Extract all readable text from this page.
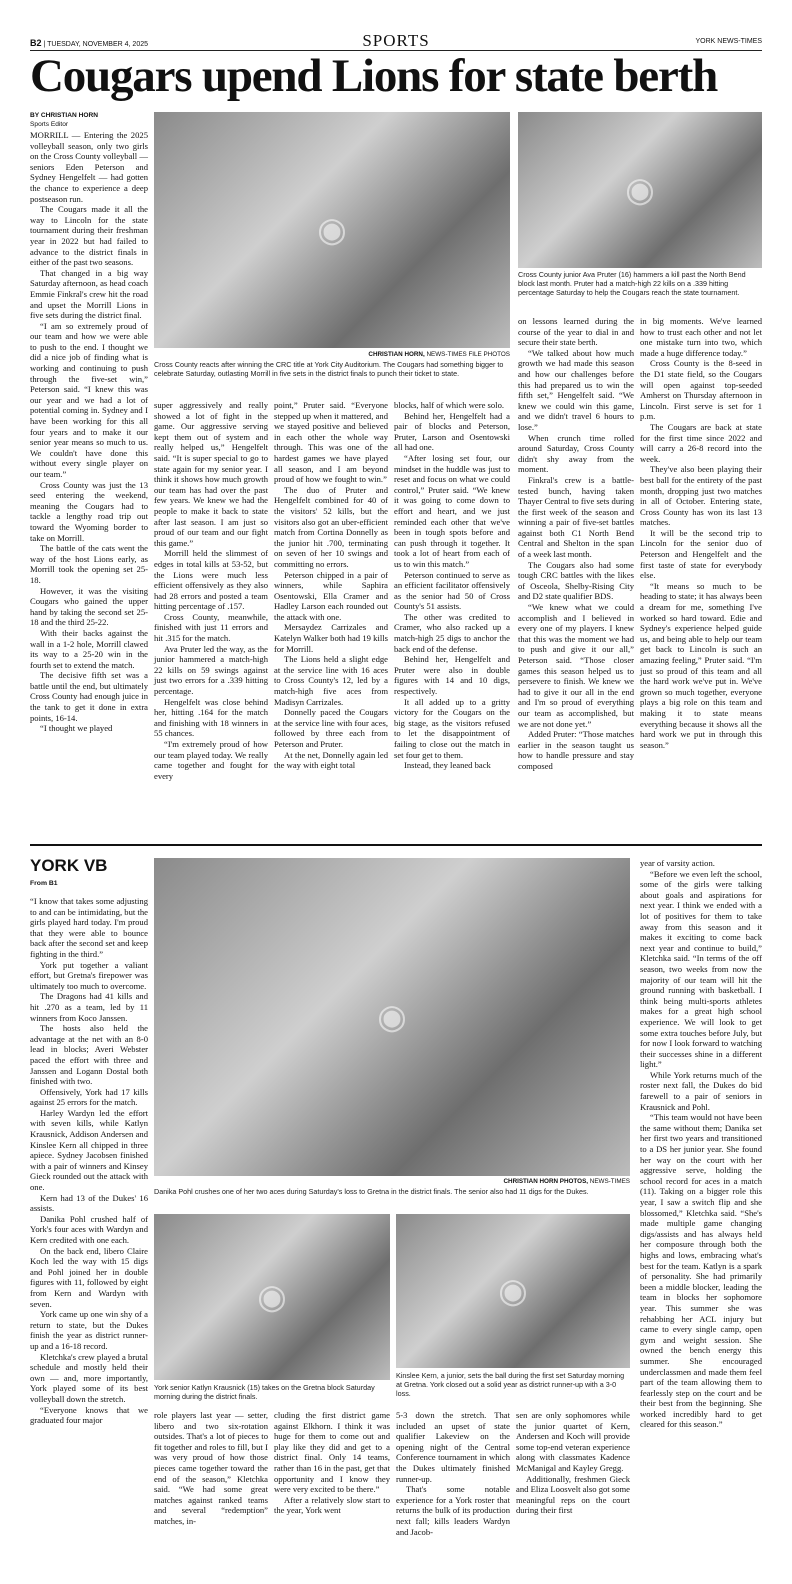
B2 | TUESDAY, NOVEMBER 4, 2025	SPORTS	YORK NEWS-TIMES
Cougars upend Lions for state berth
BY CHRISTIAN HORN
Sports Editor

MORRILL — Entering the 2025 volleyball season, only two girls on the Cross County volleyball — seniors Eden Peterson and Sydney Hengelfelt — had gotten the chance to experience a deep postseason run.

The Cougars made it all the way to Lincoln for the state tournament during their freshman year in 2022 but had failed to advance to the district finals in either of the past two seasons.

That changed in a big way Saturday afternoon, as head coach Emmie Finkral's crew hit the road and upset the Morrill Lions in five sets during the district final.

“I am so extremely proud of our team and how we were able to push to the end. I thought we did a nice job of finding what is working and continuing to push through the five-set win,” Peterson said. “I knew this was our year and we had a lot of potential coming in. Sydney and I have been working for this all four years and to make it our senior year means so much to us. We couldn't have done this without every single player on our team.”

Cross County was just the 13 seed entering the weekend, meaning the Cougars had to tackle a lengthy road trip out toward the Wyoming border to take on Morrill.

The battle of the cats went the way of the host Lions early, as Morrill took the opening set 25-18.

However, it was the visiting Cougars who gained the upper hand by taking the second set 25-18 and the third 25-22.

With their backs against the wall in a 1-2 hole, Morrill clawed its way to a 25-20 win in the fourth set to extend the match.

The decisive fifth set was a battle until the end, but ultimately Cross County had enough juice in the tank to get it done in extra points, 16-14.

“I thought we played

◉
CHRISTIAN HORN, NEWS-TIMES FILE PHOTOS
Cross County reacts after winning the CRC title at York City Auditorium. The Cougars had something bigger to celebrate Saturday, outlasting Morrill in five sets in the district finals to punch their ticket to state.
◉
Cross County junior Ava Pruter (16) hammers a kill past the North Bend block last month. Pruter had a match-high 22 kills on a .339 hitting percentage Saturday to help the Cougars reach the state tournament.

super aggressively and really showed a lot of fight in the game. Our aggressive serving kept them out of system and really helped us,” Hengelfelt said. “It is super special to go to state again for my senior year. I think it shows how much growth our team has had over the past few years. We knew we had the people to make it back to state after last season. I am just so proud of our team and our fight this game.”

Morrill held the slimmest of edges in total kills at 53-52, but the Lions were much less efficient offensively as they also had 28 errors and posted a team hitting percentage of .157.

Cross County, meanwhile, finished with just 11 errors and hit .315 for the match.

Ava Pruter led the way, as the junior hammered a match-high 22 kills on 59 swings against just two errors for a .339 hitting percentage.

Hengelfelt was close behind her, hitting .164 for the match and finishing with 18 winners in 55 chances.

“I'm extremely proud of how our team played today. We really came together and fought for every

point,” Pruter said. “Everyone stepped up when it mattered, and we stayed positive and believed in each other the whole way through. This was one of the hardest games we have played all season, and I am beyond proud of how we fought to win.”

The duo of Pruter and Hengelfelt combined for 40 of the visitors' 52 kills, but the visitors also got an uber-efficient match from Cortina Donnelly as the junior hit .700, terminating on seven of her 10 swings and committing no errors.

Peterson chipped in a pair of winners, while Saphira Osentowski, Ella Cramer and Hadley Larson each rounded out the attack with one.

Mersaydez Carrizales and Katelyn Walker both had 19 kills for Morrill.

The Lions held a slight edge at the service line with 16 aces to Cross County's 12, led by a match-high five aces from Madisyn Carrizales.

Donnelly paced the Cougars at the service line with four aces, followed by three each from Peterson and Pruter.

At the net, Donnelly again led the way with eight total

blocks, half of which were solo.

Behind her, Hengelfelt had a pair of blocks and Peterson, Pruter, Larson and Osentowski all had one.

“After losing set four, our mindset in the huddle was just to reset and focus on what we could control,” Pruter said. “We knew it was going to come down to effort and heart, and we just reminded each other that we've been in tough spots before and can push through it together. It took a lot of heart from each of us to win this match.”

Peterson continued to serve as an efficient facilitator offensively as the senior had 50 of Cross County's 51 assists.

The other was credited to Cramer, who also racked up a match-high 25 digs to anchor the back end of the defense.

Behind her, Hengelfelt and Pruter were also in double figures with 14 and 10 digs, respectively.

It all added up to a gritty victory for the Cougars on the big stage, as the visitors refused to let the disappointment of failing to close out the match in set four get to them.

Instead, they leaned back

on lessons learned during the course of the year to dial in and secure their state berth.

“We talked about how much growth we had made this season and how our challenges before this had prepared us to win the fifth set,” Hengelfelt said. “We knew we could win this game, and we didn't travel 6 hours to lose.”

When crunch time rolled around Saturday, Cross County didn't shy away from the moment.

Finkral's crew is a battle-tested bunch, having taken Thayer Central to five sets during the first week of the season and winning a pair of five-set battles against both C1 North Bend Central and Shelton in the span of a week last month.

The Cougars also had some tough CRC battles with the likes of Osceola, Shelby-Rising City and D2 state qualifier BDS.

“We knew what we could accomplish and I believed in every one of my players. I knew that this was the moment we had to push and give it our all,” Peterson said. “Those closer games this season helped us to persevere to finish. We knew we had to give it our all in the end and I'm so proud of everything our team as accomplished, but we are not done yet.”

Added Pruter: “Those matches earlier in the season taught us how to handle pressure and stay composed

in big moments. We've learned how to trust each other and not let one mistake turn into two, which made a huge difference today.”

Cross County is the 8-seed in the D1 state field, so the Cougars will open against top-seeded Amherst on Thursday afternoon in Lincoln. First serve is set for 1 p.m.

The Cougars are back at state for the first time since 2022 and will carry a 26-8 record into the week.

They've also been playing their best ball for the entirety of the past month, dropping just two matches in all of October. Entering state, Cross County has won its last 13 matches.

It will be the second trip to Lincoln for the senior duo of Peterson and Hengelfelt and the first taste of state for everybody else.

“It means so much to be heading to state; it has always been a dream for me, something I've worked so hard toward. Edie and Sydney's experience helped guide us, and being able to help our team get back to Lincoln is such an amazing feeling,” Pruter said. “I'm just so proud of this team and all the hard work we've put in. We've grown so much together, everyone plays a big role on this team and making it to state means everything because it shows all the hard work we put in through this season.”

YORK VB
From B1

“I know that takes some adjusting to and can be intimidating, but the girls played hard today. I'm proud that they were able to bounce back after the second set and keep fighting in the third.”

York put together a valiant effort, but Gretna's firepower was ultimately too much to overcome.

The Dragons had 41 kills and hit .270 as a team, led by 11 winners from Koco Janssen.

The hosts also held the advantage at the net with an 8-0 lead in blocks; Averi Webster paced the effort with three and Janssen and Logann Dostal both finished with two.

Offensively, York had 17 kills against 25 errors for the match.

Harley Wardyn led the effort with seven kills, while Katlyn Krausnick, Addison Andersen and Kinslee Kern all chipped in three apiece. Sydney Jacobsen finished with a pair of winners and Kinsey Gieck rounded out the attack with one.

Kern had 13 of the Dukes' 16 assists.

Danika Pohl crushed half of York's four aces with Wardyn and Kern credited with one each.

On the back end, libero Claire Koch led the way with 15 digs and Pohl joined her in double figures with 11, followed by eight from Kern and Wardyn with seven.

York came up one win shy of a return to state, but the Dukes finish the year as district runner-up and a 16-18 record.

Kletchka's crew played a brutal schedule and mostly held their own — and, more importantly, York played some of its best volleyball down the stretch.

“Everyone knows that we graduated four major

◉
CHRISTIAN HORN PHOTOS, NEWS-TIMES
Danika Pohl crushes one of her two aces during Saturday's loss to Gretna in the district finals. The senior also had 11 digs for the Dukes.
◉
York senior Katlyn Krausnick (15) takes on the Gretna block Saturday morning during the district finals.
◉
Kinslee Kern, a junior, sets the ball during the first set Saturday morning at Gretna. York closed out a solid year as district runner-up with a 3-0 loss.

role players last year — setter, libero and two six-rotation outsides. That's a lot of pieces to fit together and roles to fill, but I was very proud of how those pieces came together toward the end of the season,” Kletchka said. “We had some great matches against ranked teams and several “redemption” matches, in-

cluding the first district game against Elkhorn. I think it was huge for them to come out and play like they did and get to a district final. Only 14 teams, rather than 16 in the past, get that opportunity and I know they were very excited to be there.”

After a relatively slow start to the year, York went

5-3 down the stretch. That included an upset of state qualifier Lakeview on the opening night of the Central Conference tournament in which the Dukes ultimately finished runner-up.

That's some notable experience for a York roster that returns the bulk of its production next fall; kills leaders Wardyn and Jacob-

sen are only sophomores while the junior quartet of Kern, Andersen and Koch will provide some top-end veteran experience along with classmates Kadence McManigal and Kayley Gregg.

Additionally, freshmen Gieck and Eliza Loosvelt also got some meaningful reps on the court during their first

year of varsity action.

“Before we even left the school, some of the girls were talking about goals and aspirations for next year. I think we ended with a lot of positives for them to take away from this season and it makes it exciting to come back next year and continue to build,” Kletchka said. “In terms of the off season, two weeks from now the majority of our team will hit the ground running with basketball. I think being multi-sports athletes makes for a great high school experience. We will look to get some extra touches before July, but for now I look forward to watching their successes shine in a different light.”

While York returns much of the roster next fall, the Dukes do bid farewell to a pair of seniors in Krausnick and Pohl.

“This team would not have been the same without them; Danika set her first two years and transitioned to a DS her junior year. She found her way on the court with her aggressive serve, holding the school record for aces in a match (11). Taking on a bigger role this year, I saw a switch flip and she blossomed,” Kletchka said. “She's made multiple game changing digs/assists and has always held her composure through both the highs and lows, embracing what's best for the team. Katlyn is a spark of personality. She had primarily been a middle blocker, leading the team in blocks her sophomore year. This summer she was rehabbing her ACL injury but came to every single camp, open gym and weight session. She owned the bench energy this summer. She encouraged underclassmen and made them feel part of the team allowing them to fearlessly step on the court and be their best from the beginning. She worked incredibly hard to get cleared for this season.”
